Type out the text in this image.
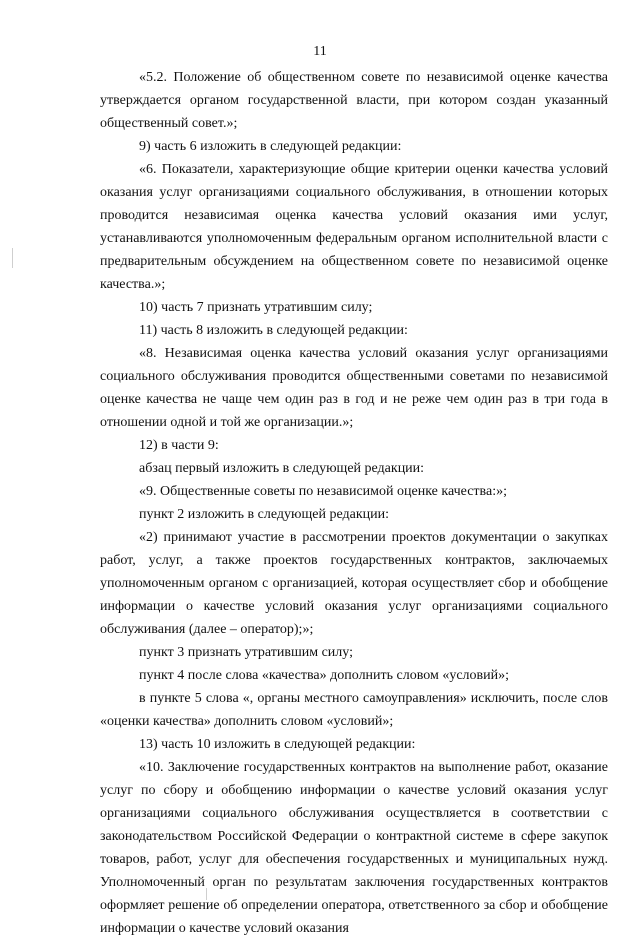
11

«5.2. Положение об общественном совете по независимой оценке качества утверждается органом государственной власти, при котором создан указанный общественный совет.»;

9) часть 6 изложить в следующей редакции:

«6. Показатели, характеризующие общие критерии оценки качества условий оказания услуг организациями социального обслуживания, в отношении которых проводится независимая оценка качества условий оказания ими услуг, устанавливаются уполномоченным федеральным органом исполнительной власти с предварительным обсуждением на общественном совете по независимой оценке качества.»;

10) часть 7 признать утратившим силу;

11) часть 8 изложить в следующей редакции:

«8. Независимая оценка качества условий оказания услуг организациями социального обслуживания проводится общественными советами по независимой оценке качества не чаще чем один раз в год и не реже чем один раз в три года в отношении одной и той же организации.»;

12) в части 9:

абзац первый изложить в следующей редакции:

«9. Общественные советы по независимой оценке качества:»;

пункт 2 изложить в следующей редакции:

«2) принимают участие в рассмотрении проектов документации о закупках работ, услуг, а также проектов государственных контрактов, заключаемых уполномоченным органом с организацией, которая осуществляет сбор и обобщение информации о качестве условий оказания услуг организациями социального обслуживания (далее – оператор);»;

пункт 3 признать утратившим силу;

пункт 4 после слова «качества» дополнить словом «условий»;

в пункте 5 слова «, органы местного самоуправления» исключить, после слов «оценки качества» дополнить словом «условий»;

13) часть 10 изложить в следующей редакции:

«10. Заключение государственных контрактов на выполнение работ, оказание услуг по сбору и обобщению информации о качестве условий оказания услуг организациями социального обслуживания осуществляется в соответствии с законодательством Российской Федерации о контрактной системе в сфере закупок товаров, работ, услуг для обеспечения государственных и муниципальных нужд. Уполномоченный орган по результатам заключения государственных контрактов оформляет решение об определении оператора, ответственного за сбор и обобщение информации о качестве условий оказания
